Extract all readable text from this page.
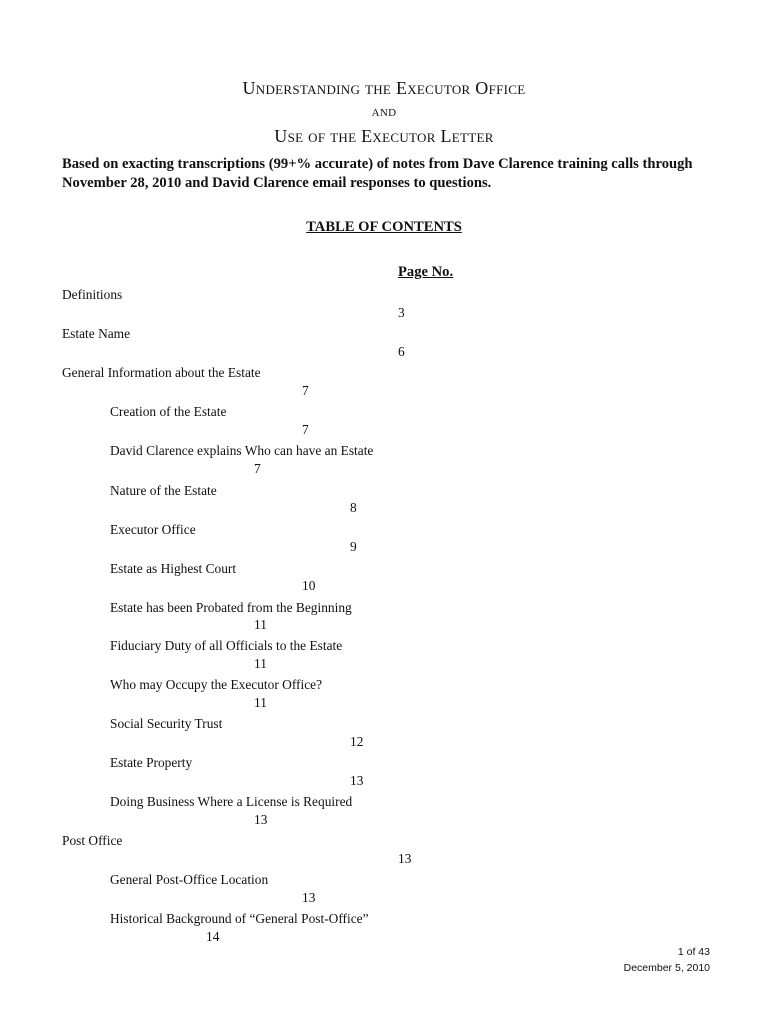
Understanding the Executor Office
and
Use of the Executor Letter
Based on exacting transcriptions (99+% accurate) of notes from Dave Clarence training calls through November 28, 2010 and David Clarence email responses to questions.
TABLE OF CONTENTS
Page No.
Definitions
3
Estate Name
6
General Information about the Estate
7
Creation of the Estate
7
David Clarence explains Who can have an Estate
7
Nature of the Estate
8
Executor Office
9
Estate as Highest Court
10
Estate has been Probated from the Beginning
11
Fiduciary Duty of all Officials to the Estate
11
Who may Occupy the Executor Office?
11
Social Security Trust
12
Estate Property
13
Doing Business Where a License is Required
13
Post Office
13
General Post-Office Location
13
Historical Background of “General Post-Office”
14
1 of 43
December 5, 2010
